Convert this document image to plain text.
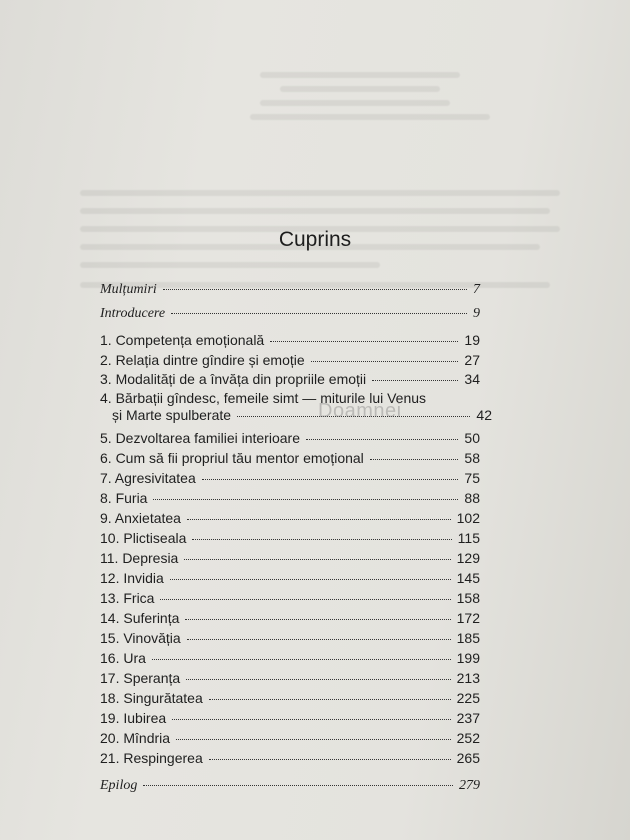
Cuprins
Mulțumiri	7
Introducere	9
1. Competența emoțională	19
2. Relația dintre gîndire și emoție	27
3. Modalități de a învăța din propriile emoții	34
4. Bărbații gîndesc, femeile simt — miturile lui Venus
și Marte spulberate	42
5. Dezvoltarea familiei interioare	50
6. Cum să fii propriul tău mentor emoțional	58
7. Agresivitatea	75
8. Furia	88
9. Anxietatea	102
10. Plictiseala	115
11. Depresia	129
12. Invidia	145
13. Frica	158
14. Suferința	172
15. Vinovăția	185
16. Ura	199
17. Speranța	213
18. Singurătatea	225
19. Iubirea	237
20. Mîndria	252
21. Respingerea	265
Epilog	279
Doamnei
